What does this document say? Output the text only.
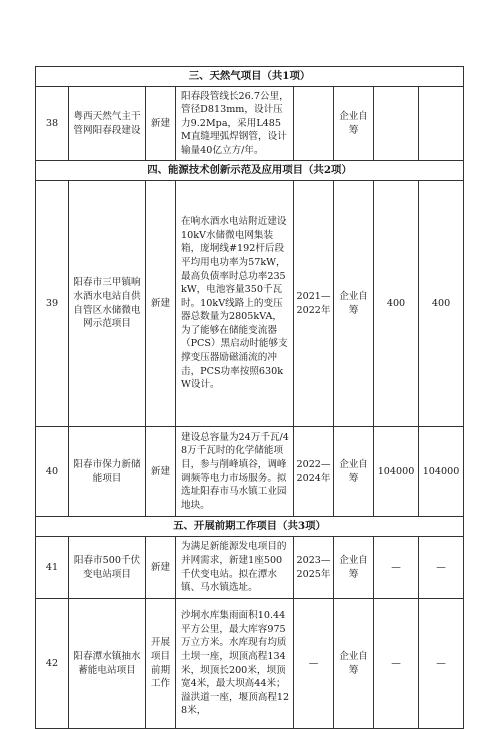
三、天然气项目（共1项）							
38	粤西天然气主干管网阳春段建设	新建	阳春段管线长26.7公里，管径D813mm，设计压力9.2Mpa，采用L485M直缝埋弧焊钢管，设计输量40亿立方/年。		企业自筹		
四、能源技术创新示范及应用项目（共2项）							
39	阳春市三甲镇响水酒水电站自供自管区水储微电网示范项目	新建	在响水酒水电站附近建设10kV水储微电网集装箱，庞垌线#192杆后段平均用电功率为57kW，最高负债率时总功率235kW，电池容量350千瓦时。10kV线路上的变压器总数量为2805kVA，为了能够在储能变流器（PCS）黑启动时能够支撑变压器励磁涌流的冲击，PCS功率按照630kW设计。	2021—2022年	企业自筹	400	400
40	阳春市保力新储能项目	新建	建设总容量为24万千瓦/48万千瓦时的化学储能项目，参与削峰填谷，调峰调频等电力市场服务。拟选址阳春市马水镇工业园地块。	2022—2024年	企业自筹	104000	104000
五、开展前期工作项目（共3项）							
41	阳春市500千伏变电站项目	新建	为满足新能源发电项目的并网需求，新建1座500千伏变电站。拟在潭水镇、马水镇选址。	2023—2025年	企业自筹	—	—
42	阳春潭水镇抽水蓄能电站项目	开展项目前期工作	沙垌水库集雨面积10.44平方公里，最大库容975万立方米。水库现有均质土坝一座，坝顶高程134米，坝顶长200米，坝顶宽4米，最大坝高44米；溢洪道一座，堰顶高程128米，	—	企业自筹	—	—
